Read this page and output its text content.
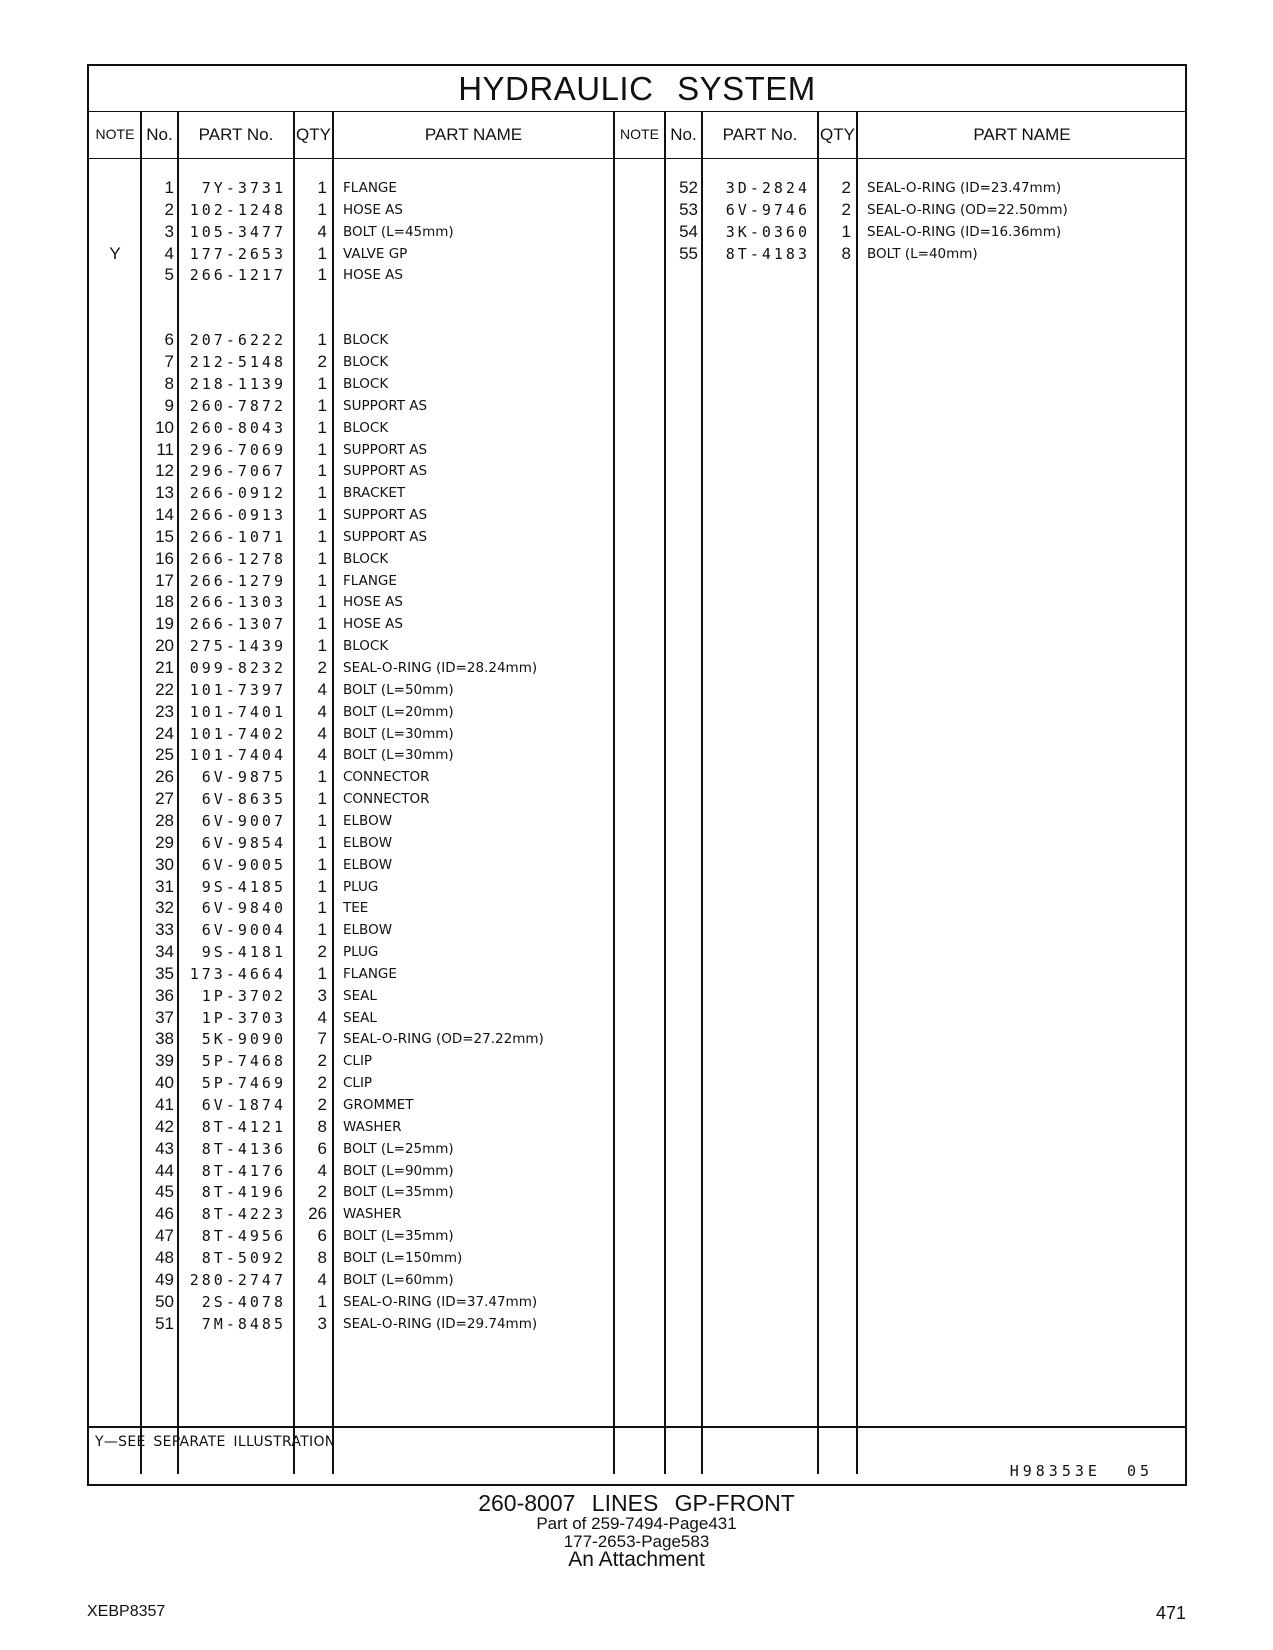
HYDRAULIC SYSTEM
NOTE No.	PART No.	QTY	PART NAME	NOTE No.	PART No.	QTY	PART NAME
1	7Y-3731	1 FLANGE
2	102-1248	1 HOSE AS
3	105-3477	4 BOLT (L=45mm)
Y	4	177-2653	1 VALVE GP
5	266-1217	1 HOSE AS
6	207-6222	1 BLOCK
7	212-5148	2 BLOCK
8	218-1139	1 BLOCK
9	260-7872	1 SUPPORT AS
10	260-8043	1 BLOCK
11	296-7069	1 SUPPORT AS
12	296-7067	1 SUPPORT AS
13	266-0912	1 BRACKET
14	266-0913	1 SUPPORT AS
15	266-1071	1 SUPPORT AS
16	266-1278	1 BLOCK
17	266-1279	1 FLANGE
18	266-1303	1 HOSE AS
19	266-1307	1 HOSE AS
20	275-1439	1 BLOCK
21	099-8232	2 SEAL-O-RING (ID=28.24mm)
22	101-7397	4 BOLT (L=50mm)
23	101-7401	4 BOLT (L=20mm)
24	101-7402	4 BOLT (L=30mm)
25	101-7404	4 BOLT (L=30mm)
26	6V-9875	1 CONNECTOR
27	6V-8635	1 CONNECTOR
28	6V-9007	1 ELBOW
29	6V-9854	1 ELBOW
30	6V-9005	1 ELBOW
31	9S-4185	1 PLUG
32	6V-9840	1 TEE
33	6V-9004	1 ELBOW
34	9S-4181	2 PLUG
35	173-4664	1 FLANGE
36	1P-3702	3 SEAL
37	1P-3703	4 SEAL
38	5K-9090	7 SEAL-O-RING (OD=27.22mm)
39	5P-7468	2 CLIP
40	5P-7469	2 CLIP
41	6V-1874	2 GROMMET
42	8T-4121	8 WASHER
43	8T-4136	6 BOLT (L=25mm)
44	8T-4176	4 BOLT (L=90mm)
45	8T-4196	2 BOLT (L=35mm)
46	8T-4223	26 WASHER
47	8T-4956	6 BOLT (L=35mm)
48	8T-5092	8 BOLT (L=150mm)
49	280-2747	4 BOLT (L=60mm)
50	2S-4078	1 SEAL-O-RING (ID=37.47mm)
51	7M-8485	3 SEAL-O-RING (ID=29.74mm)
52	3D-2824	2 SEAL-O-RING (ID=23.47mm)
53	6V-9746	2 SEAL-O-RING (OD=22.50mm)
54	3K-0360	1 SEAL-O-RING (ID=16.36mm)
55	8T-4183	8 BOLT (L=40mm)
Y—SEE SEPARATE ILLUSTRATION
H98353E 05
260-8007 LINES GP-FRONT
Part of 259-7494-Page431
177-2653-Page583
An Attachment
XEBP8357	471
